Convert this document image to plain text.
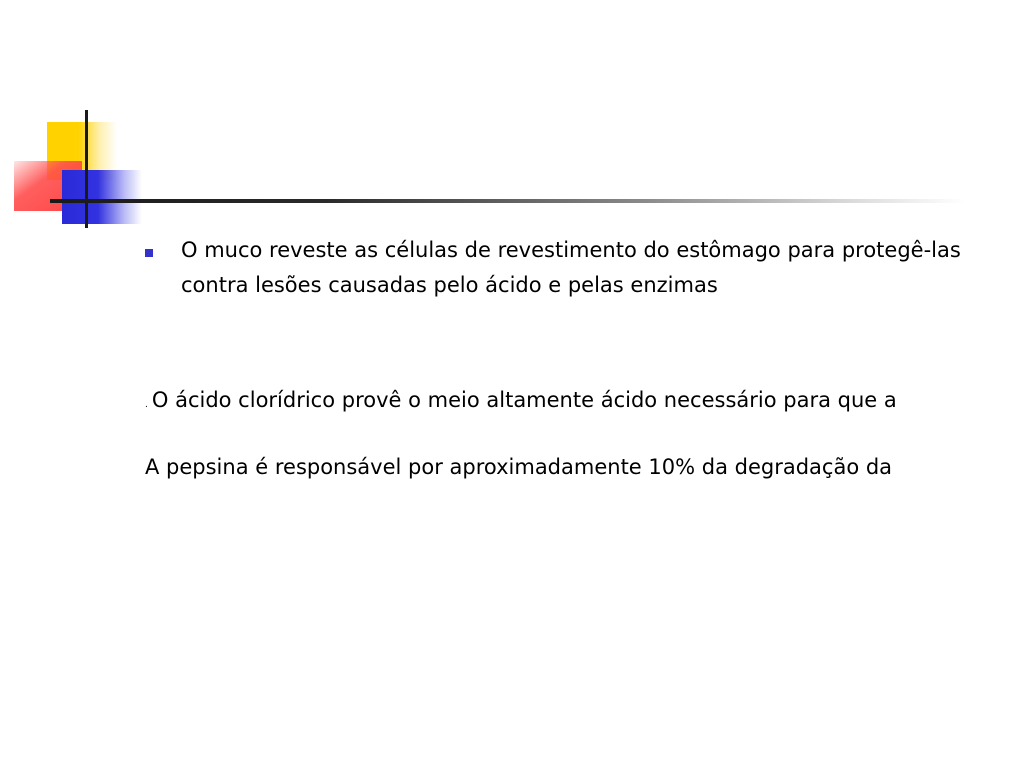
O muco reveste as células de revestimento do estômago para protegê-las contra lesões causadas pelo ácido e pelas enzimas
. O ácido clorídrico provê o meio altamente ácido necessário para que a
A pepsina é responsável por aproximadamente 10% da degradação da
